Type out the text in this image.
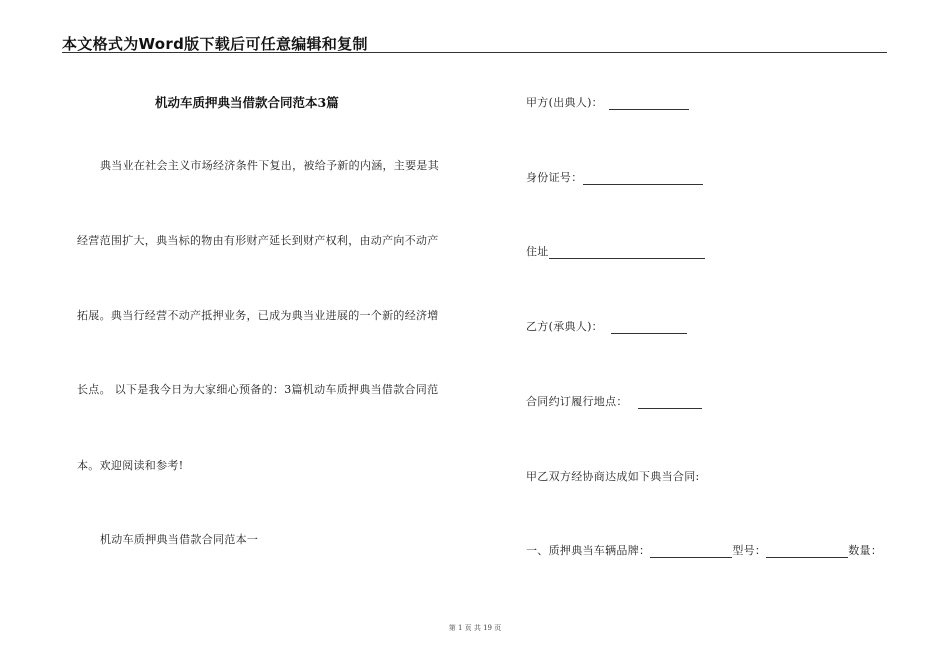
本文格式为Word版下载后可任意编辑和复制
机动车质押典当借款合同范本3篇
典当业在社会主义市场经济条件下复出，被给予新的内涵，主要是其
经营范围扩大，典当标的物由有形财产延长到财产权利，由动产向不动产
拓展。典当行经营不动产抵押业务，已成为典当业进展的一个新的经济增
长点。 以下是我今日为大家细心预备的：3篇机动车质押典当借款合同范
本。欢迎阅读和参考!
机动车质押典当借款合同范本一
甲方(出典人)：
身份证号：
住址
乙方(承典人)：
合同约订履行地点：
甲乙双方经协商达成如下典当合同:
一、质押典当车辆品牌：	型号：	数量：
第 1 页 共 19 页
